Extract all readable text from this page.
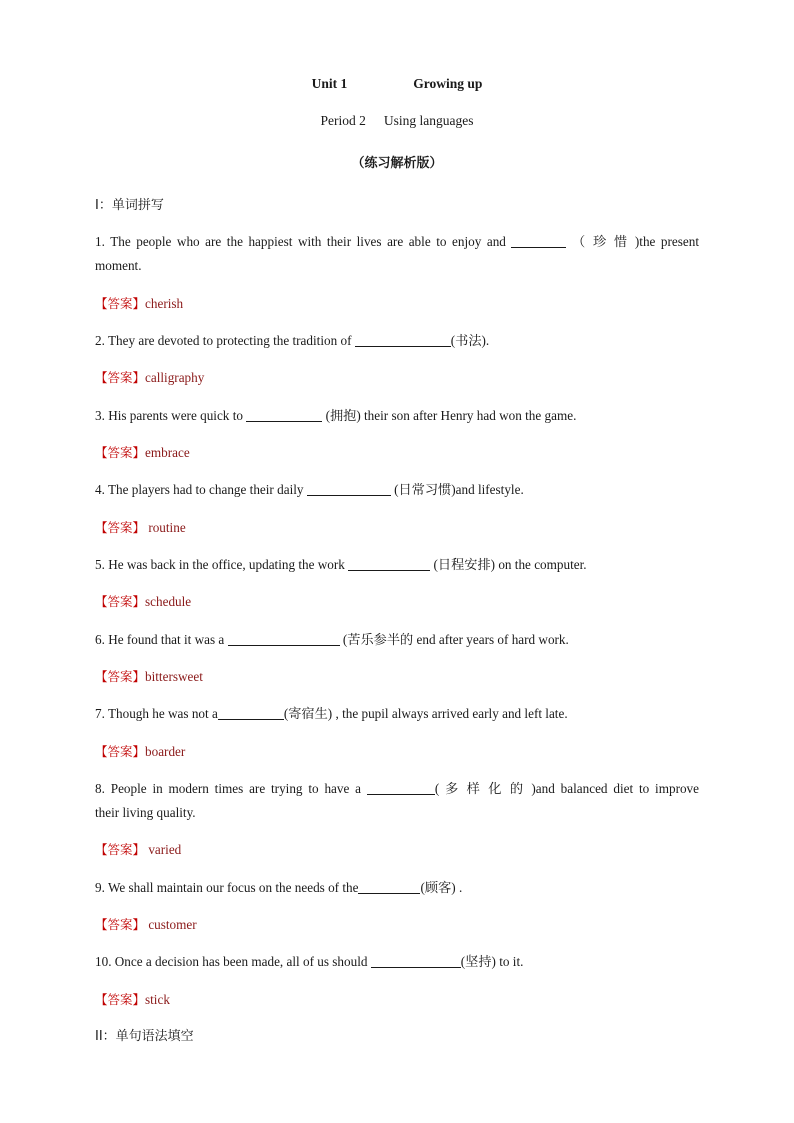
Unit 1	Growing up
Period 2 Using languages
（练习解析版）
I：单词拼写
1. The people who are the happiest with their lives are able to enjoy and	（ 珍 惜 )the present
moment.
【答案】cherish
2. They are devoted to protecting the tradition of	(书法).
【答案】calligraphy
3. His parents were quick to	(拥抱) their son after Henry had won the game.
【答案】embrace
4. The players had to change their daily	(日常习惯)and lifestyle.
【答案】 routine
5. He was back in the office, updating the work	(日程安排) on the computer.
【答案】schedule
6. He found that it was a	(苦乐参半的 end after years of hard work.
【答案】bittersweet
7. Though he was not a	(寄宿生) , the pupil always arrived early and left late.
【答案】boarder
8. People in modern times are trying to have a	( 多 样 化 的 )and balanced diet to improve
their living quality.
【答案】 varied
9. We shall maintain our focus on the needs of the	(顾客) .
【答案】 customer
10. Once a decision has been made, all of us should	(坚持) to it.
【答案】stick
II：单句语法填空
